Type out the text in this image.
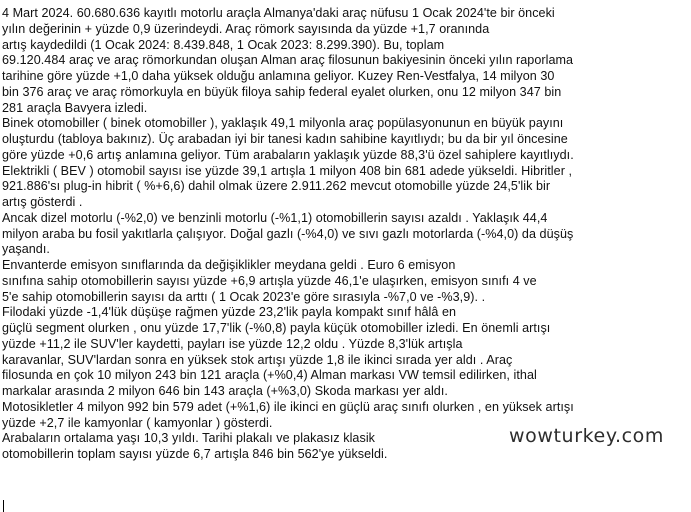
4 Mart 2024. 60.680.636 kayıtlı motorlu araçla Almanya'daki araç nüfusu 1 Ocak 2024'te bir önceki
yılın değerinin + yüzde 0,9 üzerindeydi. Araç römork sayısında da yüzde +1,7 oranında
artış kaydedildi (1 Ocak 2024: 8.439.848, 1 Ocak 2023: 8.299.390). Bu, toplam
69.120.484 araç ve araç römorkundan oluşan Alman araç filosunun bakiyesinin önceki yılın raporlama
tarihine göre yüzde +1,0 daha yüksek olduğu anlamına geliyor. Kuzey Ren-Vestfalya, 14 milyon 30
bin 376 araç ve araç römorkuyla en büyük filoya sahip federal eyalet olurken, onu 12 milyon 347 bin
281 araçla Bavyera izledi.
Binek otomobiller ( binek otomobiller ), yaklaşık 49,1 milyonla araç popülasyonunun en büyük payını
oluşturdu (tabloya bakınız). Üç arabadan iyi bir tanesi kadın sahibine kayıtlıydı; bu da bir yıl öncesine
göre yüzde +0,6 artış anlamına geliyor. Tüm arabaların yaklaşık yüzde 88,3'ü özel sahiplere kayıtlıydı.
Elektrikli ( BEV ) otomobil sayısı ise yüzde 39,1 artışla 1 milyon 408 bin 681 adede yükseldi. Hibritler ,
921.886'sı plug-in hibrit ( %+6,6) dahil olmak üzere 2.911.262 mevcut otomobille yüzde 24,5'lik bir
artış gösterdi .
Ancak dizel motorlu (-%2,0) ve benzinli motorlu (-%1,1) otomobillerin sayısı azaldı . Yaklaşık 44,4
milyon araba bu fosil yakıtlarla çalışıyor. Doğal gazlı (-%4,0) ve sıvı gazlı motorlarda (-%4,0) da düşüş
yaşandı.
Envanterde emisyon sınıflarında da değişiklikler meydana geldi . Euro 6 emisyon
sınıfına sahip otomobillerin sayısı yüzde +6,9 artışla yüzde 46,1'e ulaşırken, emisyon sınıfı 4 ve
5'e sahip otomobillerin sayısı da arttı ( 1 Ocak 2023'e göre sırasıyla -%7,0 ve -%3,9). .
Filodaki yüzde -1,4'lük düşüşe rağmen yüzde 23,2'lik payla kompakt sınıf hâlâ en
güçlü segment olurken , onu yüzde 17,7'lik (-%0,8) payla küçük otomobiller izledi. En önemli artışı
yüzde +11,2 ile SUV'ler kaydetti, payları ise yüzde 12,2 oldu . Yüzde 8,3'lük artışla
karavanlar, SUV'lardan sonra en yüksek stok artışı yüzde 1,8 ile ikinci sırada yer aldı . Araç
filosunda en çok 10 milyon 243 bin 121 araçla (+%0,4) Alman markası VW temsil edilirken, ithal
markalar arasında 2 milyon 646 bin 143 araçla (+%3,0) Skoda markası yer aldı.
Motosikletler 4 milyon 992 bin 579 adet (+%1,6) ile ikinci en güçlü araç sınıfı olurken , en yüksek artışı
yüzde +2,7 ile kamyonlar ( kamyonlar ) gösterdi.
Arabaların ortalama yaşı 10,3 yıldı. Tarihi plakalı ve plakasız klasik
otomobillerin toplam sayısı yüzde 6,7 artışla 846 bin 562'ye yükseldi.
wowturkey.com
